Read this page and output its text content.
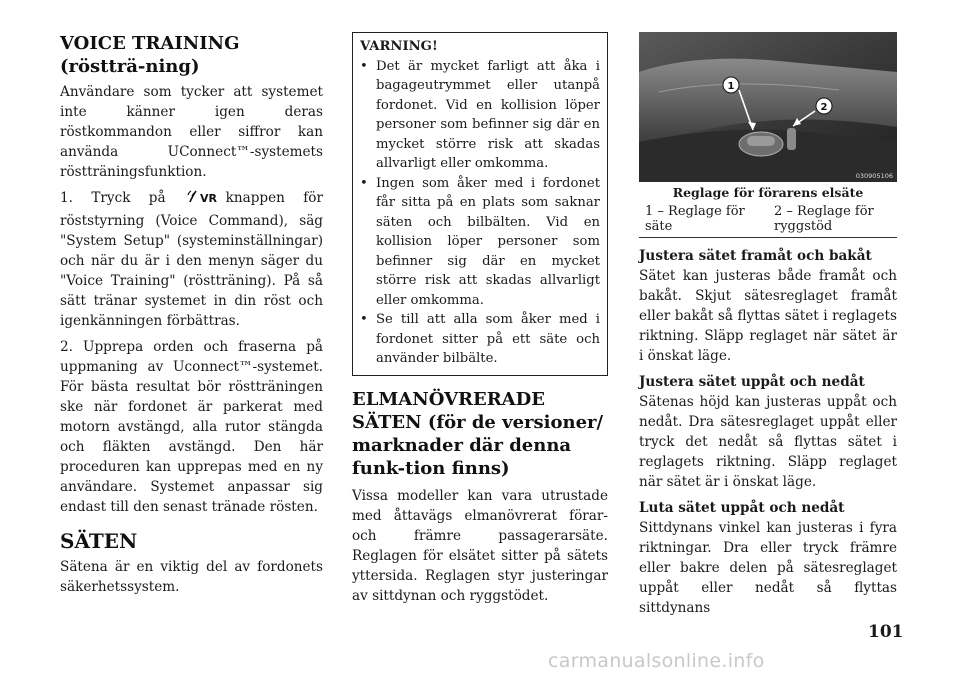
VOICE TRAINING (röstträ-ning)

Användare som tycker att systemet inte känner igen deras röstkommandon eller siffror kan använda UConnect™-systemets röstträningsfunktion.

1. Tryck på	VR knappen för röststyrning (Voice Command), säg "System Setup" (systeminställningar) och när du är i den menyn säger du "Voice Training" (röstträning). På så sätt tränar systemet in din röst och igenkänningen förbättras.

2. Upprepa orden och fraserna på uppmaning av Uconnect™-systemet. För bästa resultat bör röstträningen ske när fordonet är parkerat med motorn avstängd, alla rutor stängda och fläkten avstängd. Den här proceduren kan upprepas med en ny användare. Systemet anpassar sig endast till den senast tränade rösten.

SÄTEN

Sätena är en viktig del av fordonets säkerhetssystem.

VARNING!
• Det är mycket farligt att åka i bagageutrymmet eller utanpå fordonet. Vid en kollision löper personer som befinner sig där en mycket större risk att skadas allvarligt eller omkomma.
• Ingen som åker med i fordonet får sitta på en plats som saknar säten och bilbälten. Vid en kollision löper personer som befinner sig där en mycket större risk att skadas allvarligt eller omkomma.
• Se till att alla som åker med i fordonet sitter på ett säte och använder bilbälte.
ELMANÖVRERADE SÄTEN (för de versioner/ marknader där denna funk-tion finns)

Vissa modeller kan vara utrustade med åttavägs elmanövrerat förar- och främre passagerarsäte. Reglagen för elsätet sitter på sätets yttersida. Reglagen styr justeringar av sittdynan och ryggstödet.

1
2
030905106
Reglage för förarens elsäte
1 – Reglage för säte
2 – Reglage för ryggstöd
Justera sätet framåt och bakåt

Sätet kan justeras både framåt och bakåt. Skjut sätesreglaget framåt eller bakåt så flyttas sätet i reglagets riktning. Släpp reglaget när sätet är i önskat läge.

Justera sätet uppåt och nedåt

Sätenas höjd kan justeras uppåt och nedåt. Dra sätesreglaget uppåt eller tryck det nedåt så flyttas sätet i reglagets riktning. Släpp reglaget när sätet är i önskat läge.

Luta sätet uppåt och nedåt

Sittdynans vinkel kan justeras i fyra riktningar. Dra eller tryck främre eller bakre delen på sätesreglaget uppåt eller nedåt så flyttas sittdynans

101
carmanualsonline.info
